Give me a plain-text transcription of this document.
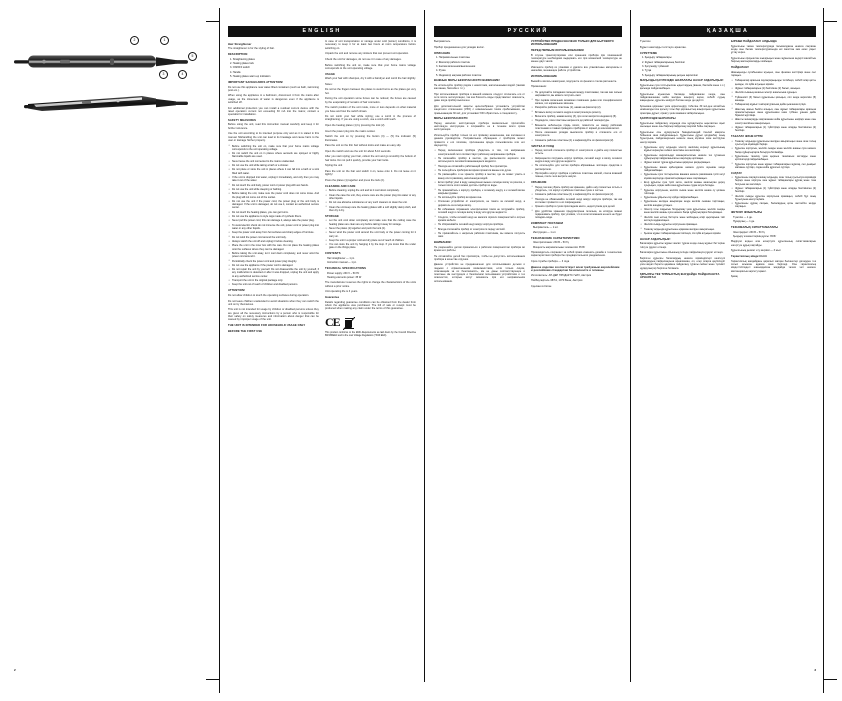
1
2
3	4
5
2
ENGLISH
Hair Straightener
The straightener is for the styling of hair.
DESCRIPTION
1. Straightening plates
2. Heating plates lock
3. ON/OFF switch
4. Handle
5. Heating plates warm-up indication
IMPORTANT SAFEGUARDS ATTENTION!
Do not use this appliance near water-filled containers (such as bath, swimming pool etc.).
When using the appliance in a bathroom, disconnect it from the mains after usage, as the closeness of water is dangerous even if the appliance is switched off.
For additional protection you can install a residual current device with the rated operation current not exceeding 30 mA into the mains; contact a specialist for installation.
SAFETY MEASURES
Before using the unit, read this instruction manual carefully and keep it for further reference.
Use the unit according to its intented purpose only and as it is stated in this manual. Mishandling the unit can lead to its breakage and cause harm to the user or damage his/her property.
• Before switching the unit on, make sure that your home mains voltage corresponds to the unit operating voltage.
• Do not switch the unit on in places where aerosols are sprayed or highly flammable liquids are used.
• Never leave the unit connected to the mains unattended.
• Do not use the unit while taking a bath or a shower.
• Do not place or store the unit in places where it can fall into a bath or a sink filled with water.
• If the unit is dropped into water, unplug it immediately, and only then you may take it out of the water.
• Do not touch the unit body, power cord or power plug with wet hands.
• Do not use the unit while sleeping or bathing.
• Before taking the unit, make sure the power cord does not come loose. And the plug will not come out of the socket.
• Do not use the unit if the power cord, the power plug or the unit body is damaged. If the unit is damaged, do not use it, contact an authorized service center.
• Do not touch the heating plates, you can get burns.
• Do not use the appliance to style wigs made of synthetic fibers.
• Never pull the power cord, this can damage it, always take the power plug.
• To avoid electric shock do not immerse the unit, power cord or power plug into water or any other liquids.
• Keep the power cord away from hot surfaces and sharp edges of furniture.
• Do not wind the power cord around the unit body.
• Always switch the unit off and unplug it before cleaning.
• Place the unit in the inner box with the care. Do not place the heating plates onto the surfaces where they can be damaged.
• Before taking the unit away, let it cool down completely, and never wind the power cord around it.
• Periodically check the power cord and power plug integrity.
• Do not use the appliance if the power cord is damaged.
• Do not repair the unit by yourself. Do not disassemble the unit by yourself, if any malfunction is detected or after it was dropped, unplug the unit and apply to any authorized service center.
• Transport the unit in the original package only.
• Keep the unit out of reach of children and disabled persons.
ATTENTION!
Do not allow children to touch the operating surfaces during operation.
Do not leave children unattended to avoid situations when they can switch the unit on by themselves.
This unit is not intended for usage by children or disabled persons unless they are given all the necessary instructions by a person who is responsible for their safety on safety measures and information about danger that can be caused by improper usage of the unit.
THE UNIT IS INTENDED FOR HOUSEHOLD USAGE ONLY
BEFORE THE FIRST USE
In case of unit transportation or storage under cold (winter) conditions, it is necessary to keep it for at least two hours at room temperature before switching on.
Unpack the unit and remove any stickers that can prevent unit operation.
Check the unit for damages, do not use it in case of any damages.
Before switching the unit on, make sure that your home mains voltage corresponds to the unit operating voltage.
USAGE
Wash your hair with shampoo, dry it with a hairdryer and comb the hair slightly.
Notes:
Do not let the fingers between the plates to avoid burns as the plates get very hot.
During the unit operation some fumes can be noticed; the fumes are caused by the evaporating of remains of hair cosmetics.
The switch position of the unit mode, more or less depends on what material you have and how the switch shows.
Do not comb your hair while styling; use a comb in the process of straightening. If you are using a comb, use a comb with teeth.
Open the heating plates (1) by pressing the lock (2).
Insert the power plug into the mains socket.
Switch the unit on by pressing the button (3) — (5) the indicator (5) illuminates.
Pass the unit on the thin hair without locks and make an easy slip.
Open the switch and use the unit for about 5-10 seconds.
After you start styling your hair, collect the unit and go smoothly the bottom of hair locks. Do not pull it quickly, provide your hair locks.
Styling the unit
Pass the unit on the hair and switch it on, leave onto it. Do not leave on it tightly!
Press the plates (1) together and press the lock (2).
CLEANING AND CARE
• Before cleaning, unplug the unit and let it cool down completely.
• Clean the case the unit, they ensure care are the power plug into water or any other liquids.
• Do not use abrasive substances or any such cleaners to clean the unit.
• Clean the unit keep care the heating plates with a soft slightly damp cloth, and then dry it dry.
STORAGE
• Let the unit cool down completely and make sure that the cutting case the heating plates are clean are any before taking it away for storage.
• Never the plates (1) together and push the lock (2).
• Never wind the power cord around the unit body or the power coming for it carry on.
• Keep the unit in a proper cold and dry place out of reach of children.
• You can store the unit by hanging it by the loop. If you know that the under gate on the things place.
CONTENTS
Hair straightener — 1 pc.
Instruction manual — 1 pc.
TECHNICAL SPECIFICATIONS
Power supply: 230 V ~ 50 Hz
Heating elements power: 35 W
The manufacturer reserves the rights to change the characteristics of the units without a prior notice.
Unit operating life is 3 years.
Guarantee
Details regarding guarantee conditions can be obtained from the dealer from whom the appliance was purchased. The bill of sale or receipt must be produced when making any claim under the terms of this guarantee.
CE
This product conforms to the EMC-Requirements as laid down by the Council Directive 89/336/EEC and to the Low Voltage Regulation (73/23 EEC).
РУССКИЙ
Выпрямитель
Прибор предназначен для укладки волос.
ОПИСАНИЕ
1. Нагревательные пластины
2. Фиксатор рабочих пластин
3. Кнопка включения/выключения
4. Ручка
5. Индикатор нагрева рабочих пластин
ВАЖНЫЕ МЕРЫ БЕЗОПАСНОСТИ ВНИМАНИЕ!
Не используйте прибор рядом с емкостями, наполненными водой (такими как ванна, бассейн и т.п.).
При использовании прибора в ванной комнате следует отключать его от сети после эксплуатации, так как близость воды представляет опасность, даже когда прибор выключен.
Для дополнительной защиты целесообразно установить устройство защитного отключения (УЗО) с номинальным током срабатывания, не превышающим 30 мА; для установки УЗО обратитесь к специалисту.
МЕРЫ БЕЗОПАСНОСТИ
Перед началом эксплуатации прибора внимательно прочитайте настоящую инструкцию и сохраняйте ее в течение всего срока эксплуатации.
Используйте прибор только по его прямому назначению, как изложено в данном руководстве. Неправильное обращение с прибором может привести к его поломке, причинению вреда пользователю или его имуществу.
• Перед включением прибора убедитесь в том, что напряжение электрической сети соответствует рабочему напряжению прибора.
• Не включайте прибор в местах, где распыляются аэрозоли или используются легковоспламеняющиеся жидкости.
• Никогда не оставляйте работающий прибор без присмотра.
• Не пользуйтесь прибором во время принятия ванны или душа.
• Не размещайте и не храните прибор в местах, где он может упасть в ванну или в раковину, наполненную водой.
• Если прибор упал в воду, немедленно выньте сетевую вилку из розетки, и только после этого можно достать прибор из воды.
• Не прикасайтесь к корпусу прибора, к сетевому шнуру и к сетевой вилке мокрыми руками.
• Не используйте прибор во время сна.
• Отключая устройство от электросети, не тяните за сетевой шнур, а держитесь за сетевую вилку.
• Во избежание поражения электрическим током не погружайте прибор, сетевой шнур и сетевую вилку в воду или другие жидкости.
• Следите, чтобы сетевой шнур не касался горячих поверхностей и острых кромок мебели.
• Не оборачивайте сетевой шнур вокруг корпуса прибора.
• Всегда отключайте прибор от электросети перед чисткой.
• Не прикасайтесь к нагретым рабочим пластинам, вы можете получить ожог.
ВНИМАНИЕ!
Не разрешайте детям прикасаться к рабочим поверхностям прибора во время его работы.
Не оставляйте детей без присмотра, чтобы не допустить использования прибора в качестве игрушки.
Данное устройство не предназначено для использования детьми и людьми с ограниченными возможностями, если только лицом, отвечающим за их безопасность, им не даны соответствующие и понятные им инструкции о безопасном пользовании устройством и тех опасностях, которые могут возникать при его неправильном использовании.
УСТРОЙСТВО ПРЕДНАЗНАЧЕНО ТОЛЬКО ДЛЯ БЫТОВОГО ИСПОЛЬЗОВАНИЯ
ПЕРЕД ПЕРВЫМ ИСПОЛЬЗОВАНИЕМ
В случае транспортировки или хранения прибора при пониженной температуре необходимо выдержать его при комнатной температуре не менее двух часов.
Извлеките прибор из упаковки и удалите все упаковочные материалы и наклейки, мешающие работе устройства.
ИСПОЛЬЗОВАНИЕ
Вымойте волосы шампунем, подсушите их феном и слегка расчешите.
Примечания:
• Не допускайте попадания пальцев между пластинами, так как они сильно нагреваются, вы можете получить ожог.
• При первом включении возможно появление дыма или специфического запаха, это нормальное явление.
• Раскройте рабочие пластины (1), нажав на фиксатор (2).
• Вставьте вилку сетевого шнура в электрическую розетку.
• Включите прибор, нажав кнопку (3), при этом загорится индикатор (5).
• Подождите, пока пластины нагреются до рабочей температуры.
• Возьмите небольшую прядь волос, поместите ее между рабочими пластинами и плавно проведите прибором от корней до кончиков волос.
• После окончания укладки выключите прибор и отключите его от электросети.
• Сомкните рабочие пластины (1) и зафиксируйте их фиксатором (2).
ЧИСТКА И УХОД
• Перед чисткой отключите прибор от электросети и дайте ему полностью остыть.
• Запрещается погружать корпус прибора, сетевой шнур и вилку сетевого шнура в воду или другие жидкости.
• Не используйте для чистки прибора абразивные чистящие средства и растворители.
• Протирайте корпус прибора и рабочие пластины мягкой, слегка влажной тканью, после чего вытрите насухо.
ХРАНЕНИЕ
• Перед тем как убрать прибор на хранение, дайте ему полностью остыть и убедитесь, что корпус и рабочие пластины сухие и чистые.
• Сомкните рабочие пластины (1) и зафиксируйте их фиксатором (2).
• Никогда не обматывайте сетевой шнур вокруг корпуса прибора, так как это может привести к его повреждению.
• Храните прибор в сухом прохладном месте, недоступном для детей.
• Для удобства хранения предусмотрена петелька, за которую можно подвешивать прибор, при условии, что в этом положении на него не будет попадать вода.
КОМПЛЕКТ ПОСТАВКИ
Выпрямитель — 1 шт.
Инструкция — 1 шт.
ТЕХНИЧЕСКИЕ ХАРАКТЕРИСТИКИ
Электропитание: 230 В ~ 50 Гц
Мощность нагревательных элементов: 35 Вт
Производитель сохраняет за собой право изменять дизайн и технические характеристики прибора без предварительного уведомления.
Срок службы прибора — 3 года
Данное изделие соответствует всем требуемым европейским и российским стандартам безопасности и гигиены.
Изготовитель: АН-ДЕР ПРОДАКТС ГмбХ, Австрия
Нойбаугюртель 38/7А, 1070 Вена, Австрия
Сделано в Китае
ҚАЗАҚША
Түзеткіш
Бұрыл шаштарды тегістеуге арналған.
СУРЕТТЕМЕ
1. Қыздыру табақшалары
2. Жұмыс табақшаларының бекіткіші
3. Қосу/өшіру түймешігі
4. Тұтқа
5. Қыздыру табақшаларының қызуын көрсеткіші
МАҢЫЗДЫ ҚАУІПСІЗДІК ШАРАЛАРЫ НАЗАР АУДАРЫҢЫЗ!
Құрылғыны суға толтырылған ыдыстардың (ванна, бассейн және с.с.) қасында пайдаланбаңыз.
Құрылғыны жуынатын бөлмеде пайдаланған кезде, оны пайдаланғаннан кейін желіден ажырату керек, себебі судың жақындығы, құрылғы өшірулі болған кезде де қауіпті.
Қосымша қорғаныс үшін қоректендіру тізбегіне 30 мА-ден аспайтын номиналды іске қосылу тоғы бар қорғаныстық ажыратқыш құрылғыны орнатқан дұрыс; орнату үшін маманға хабарласыңыз.
ҚАУІПСІЗДІК ШАРАЛАРЫ
Құрылғыны пайдалану алдында осы нұсқаулықты ықыласпен оқып шығыңыз және оны барлық пайдалану мерзімі бойы сақтаңыз.
Құрылғыны осы нұсқаулықта баяндалғандай тікелей мақсаты бойынша ғана пайдаланыңыз. Құрылғыны дұрыс қолданбау оның бұзылуына, пайдаланушыға немесе оның мүлкіне зиян келтіруіне әкелуі мүмкін.
• Құрылғыны қосу алдында электр желісінің кернеуі құрылғының жұмыс кернеуіне сәйкес келетініне көз жеткізіңіз.
• Құрылғыны аэрозольдер шашыратылатын немесе тез тұтанғыш сұйықтықтар пайдаланылатын жерлерде қоспаңыз.
• Жұмыс жасап тұрған құрылғыны қараусыз қалдырмаңыз.
• Құрылғыны ванна қабылдаған немесе душта жуынған кезде пайдаланбаңыз.
• Құрылғыны суға толтырылған ваннаға немесе раковинаға түсіп кетуі мүмкін жерлерде орналастырмаңыз және сақтамаңыз.
• Егер құрылғы суға түсіп кетсе, желілік ашаны ашалықтан дереу суырыңыз, содан кейін ғана құрылғыны судан алуға болады.
• Құрылғы корпусына, желілік сымға және желілік ашаға су қолмен тиіспеңіз.
• Құрылғыны ұйқылы-ояу күйде пайдаланбаңыз.
• Құрылғыны желіден ажыратқан кезде желілік сымнан тартпаңыз, желілік ашадан ұстаңыз.
• Электр тоғы соққысын болдырмау үшін құрылғыны, желілік сымды және желілік ашаны суға немесе басқа сұйықтықтарға батырмаңыз.
• Желілік сым ыстық беттерге және жиһаздың өткір қырларына тиіп кетпеуін қадағалаңыз.
• Желілік сымды құрылғы корпусына орамаңыз.
• Тазалау алдында құрылғыны әрқашан желіден ажыратыңыз.
• Қызған жұмыс табақшаларына тиіспеңіз, сіз күйік алуыңыз мүмкін.
НАЗАР АУДАРЫҢЫЗ!
Балаларға құрылғы жұмыс жасап тұрған кезде оның жұмыс беттеріне тиісуге рұқсат етпеңіз.
Балаларға құрылғыны ойыншық ретінде пайдалануға рұқсат етпеңіз.
Берілген құрылғы балалардың немесе мүмкіндіктері шектеулі адамдардың пайдалануына арналмаған, ол, егер оларға қауіпсіздігі үшін жауап беретін адаммен пайдалану туралы сәйкес және түсінікті нұсқаулықтар берілген болмаса.
ҚҰРЫЛҒЫ ТЕК ТҰРМЫСТЫҚ ЖАҒДАЙДА ПАЙДАЛАНУҒА АРНАЛҒАН
БІРІНШІ ПАЙДАЛАНУ АЛДЫНДА
Құрылғыны төмен температурада тасымалдаған немесе сақтаған кезде оны бөлме температурасында екі сағаттан кем емес уақыт ұстау керек.
Құрылғыны орауыштан шығарыңыз және жұмысына кедергі жасайтын барлық жапсырмаларды жойыңыз.
ПАЙДАЛАНУ
Шашыңызды сусабынмен жуыңыз, оны фенмен кептіріңіз және сәл тараңыз.
• Табақшалар арасына саусақтарыңызды тигізбеңіз, себебі олар қатты қызады, сіз күйік алуыңыз мүмкін.
• Жұмыс табақшаларын (1) бекіткішке (2) басып, ашыңыз.
• Желілік сымның ашасын электр ашалығына сұғыңыз.
• Түймешікті (3) басып құрылғыны қосыңыз, сол кезде көрсеткіш (5) жанады.
• Табақшалар жұмыс температурасына дейін қызғанша күтіңіз.
• Шаштың шағын бөлігін алыңыз, оны жұмыс табақшалары арасына орналастырыңыз және құрылғымен шаш түбінен ұшына дейін біркелкі жүргізіңіз.
• Шашты жинақтауды аяқтағаннан кейін құрылғыны өшіріңіз және оны электр желісінен ажыратыңыз.
• Жұмыс табақшаларын (1) түйістіріңіз және оларды бекіткішпен (2) бекітіңіз.
ТАЗАЛАУ ЖӘНЕ КҮТІМ
• Тазалау алдында құрылғыны желіден ажыратыңыз және оған толық суытылуға мүмкіндік беріңіз.
• Құрылғы корпусын, желілік сымды және желілік ашаны суға немесе басқа сұйықтықтарға батыруға болмайды.
• Құрылғыны тазалау үшін қырғыш тазалағыш заттарды және еріткіштерді пайдаланбаңыз.
• Құрылғы корпусын және жұмыс табақшаларын жұмсақ, сәл дымқыл матамен сүртіңіз, содан кейін құрғатып сүртіңіз.
САҚТАУ
• Құрылғыны сақтауға жинау алдында, оған толық суытылуға мүмкіндік беріңіз және корпусы мен жұмыс табақшалары құрғақ және таза болуына көз жеткізіңіз.
• Жұмыс табақшаларын (1) түйістіріңіз және оларды бекіткішпен (2) бекітіңіз.
• Желілік сымды құрылғы корпусына орамаңыз, себебі бұл оның бұзылуына әкелуі мүмкін.
• Құрылғыны құрғақ салқын, балалардың қолы жетпейтін жерде сақтаңыз.
ЖЕТКІЗУ ЖИЫНТЫҒЫ
Түзеткіш — 1 дн.
Нұсқаулық — 1 дн.
ТЕХНИКАЛЫҚ СИПАТТАМАЛАРЫ
Электрқорегі: 230 В ~ 50 Гц
Қыздыру элементтерінің қуаты: 35 Вт
Өндіруші алдын ала ескертусіз құрылғының сипаттамаларын өзгертуге құқық сақтайды.
Құрылғының қызмет ету мерзімі — 3 жыл
Гарантиялық мiндеттiлiгi
Гарантиялық жағдайдағы қаралып жатқан бөлшектер дилерден тек сатып алынған адамға ғана берiледi. Осы гарантиялық мiндеттiлiгiндегi шағымдалған жағдайда төлем чегi немесе квитанциясын көрсетуi қажет.
Қазақ
3
